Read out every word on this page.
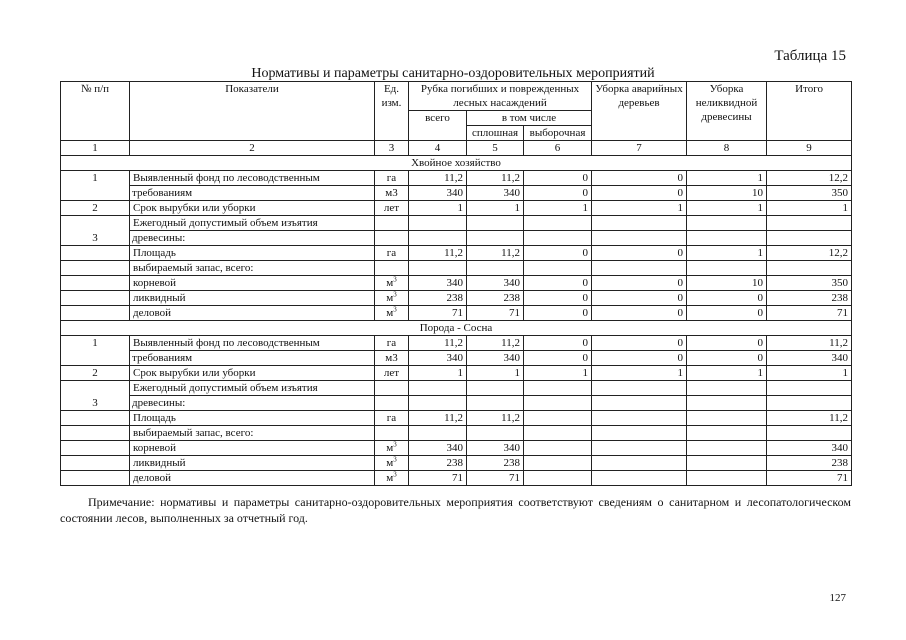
Таблица 15
Нормативы и параметры санитарно-оздоровительных мероприятий
№ п/п	Показатели	Ед. изм.	Рубка погибших и поврежденных лесных насаждений			Уборка аварийных деревьев	Уборка неликвидной древесины	Итого
			всего	в том числе				
				сплошная	выборочная			
1	2	3	4	5	6	7	8	9
Хвойное хозяйство								
1	Выявленный фонд по лесоводственным	га	11,2	11,2	0	0	1	12,2
	требованиям	м3	340	340	0	0	10	350
2	Срок вырубки или уборки	лет	1	1	1	1	1	1
3	Ежегодный допустимый объем изъятия							
	древесины:							
	Площадь	га	11,2	11,2	0	0	1	12,2
	выбираемый запас, всего:							
	корневой	$м^3$	340	340	0	0	10	350
	ликвидный	$м^3$	238	238	0	0	0	238
	деловой	$м^3$	71	71	0	0	0	71
Порода - Сосна								
1	Выявленный фонд по лесоводственным	га	11,2	11,2	0	0	0	11,2
	требованиям	м3	340	340	0	0	0	340
2	Срок вырубки или уборки	лет	1	1	1	1	1	1
3	Ежегодный допустимый объем изъятия							
	древесины:							
	Площадь	га	11,2	11,2				11,2
	выбираемый запас, всего:							
	корневой	$м^3$	340	340				340
	ликвидный	$м^3$	238	238				238
	деловой	$м^3$	71	71				71
Примечание: нормативы и параметры санитарно-оздоровительных мероприятия соответствуют сведениям о санитарном и лесопатологическом состоянии лесов, выполненных за отчетный год.
127
